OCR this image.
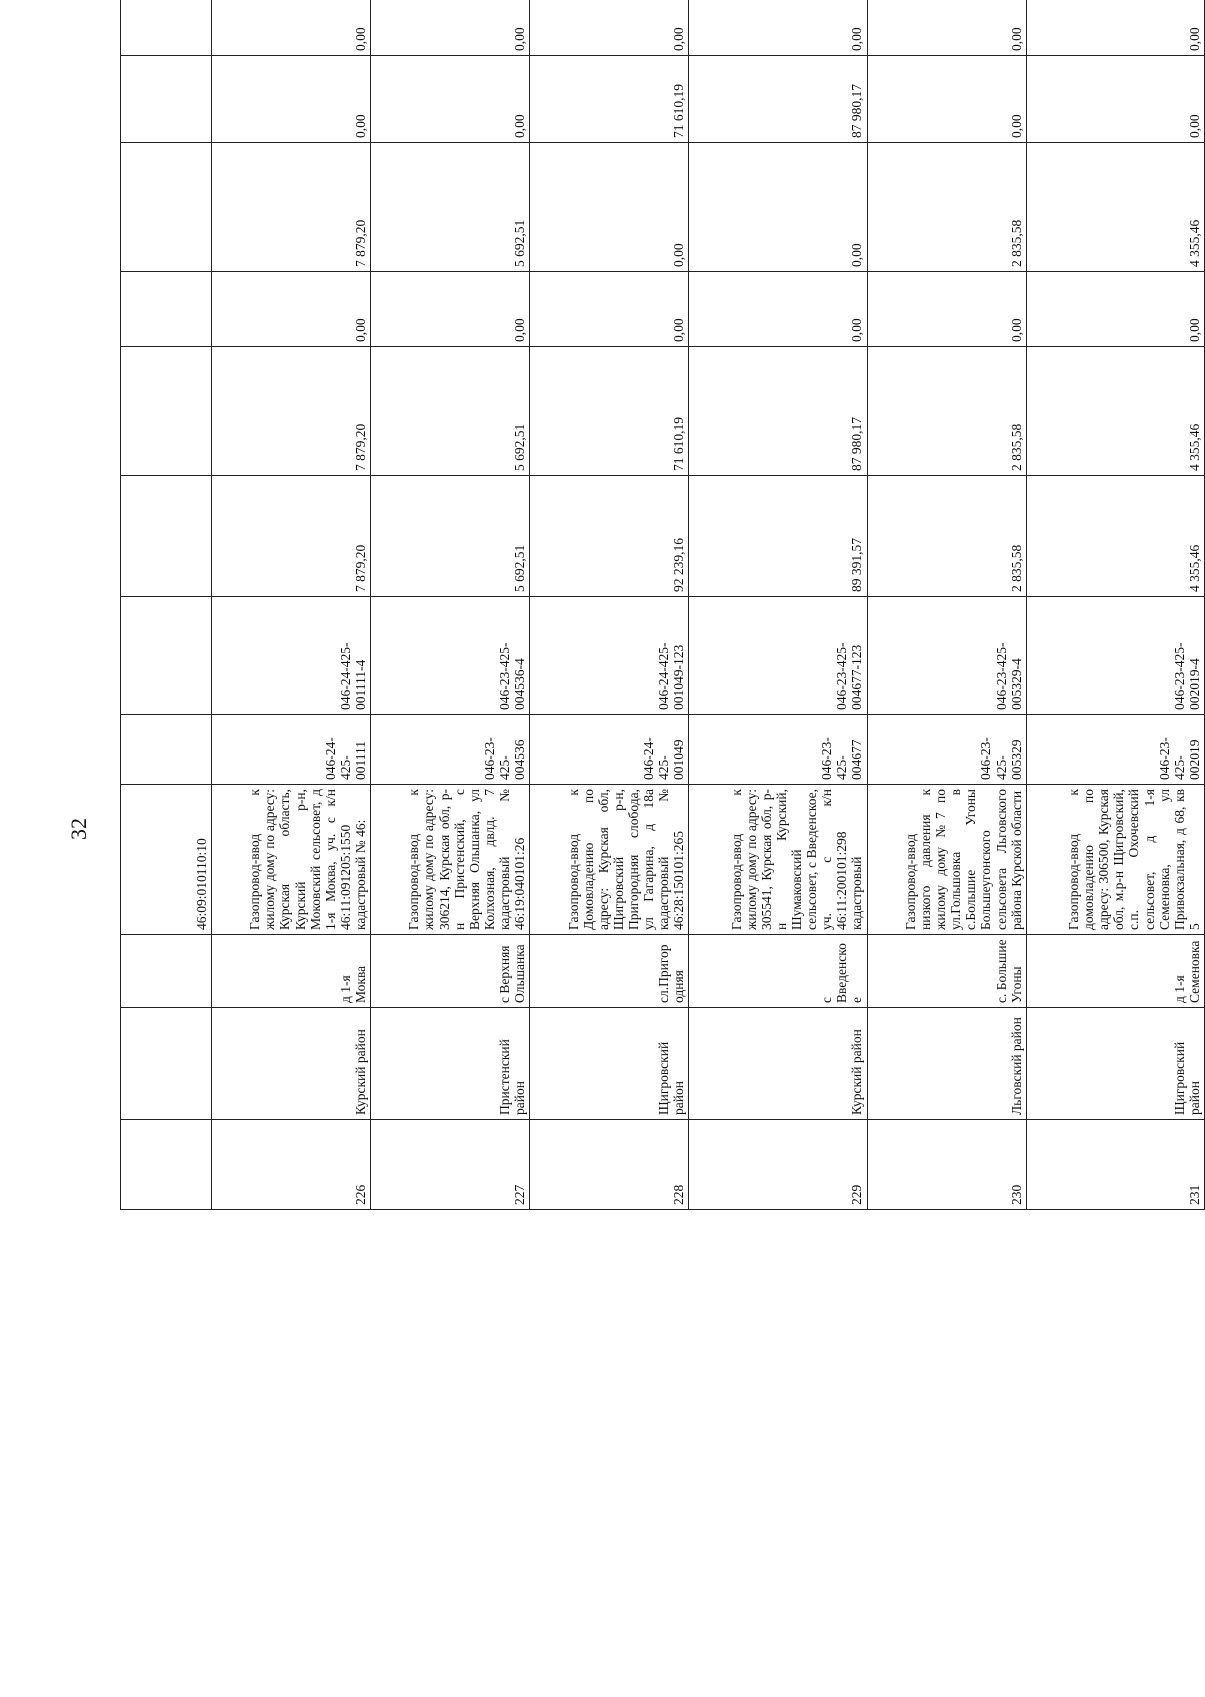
32
			46:09:010110:10								
226	Курский район	д 1-я Моква	Газопровод-ввод к жилому дому по адресу: Курская область, Курский р-н, Моковский сельсовет, д 1-я Моква, уч. с к/н 46:11:091205:1550 кадастровый № 46:	046-24-425-001111	046-24-425-001111-4	7 879,20	7 879,20	0,00	7 879,20	0,00	0,00
227	Пристенский район	с Верхняя Ольшанка	Газопровод-ввод к жилому дому по адресу: 306214, Курская обл, р-н Пристенский, с Верхняя Ольшанка, ул Колхозная, двлд. 7 кадастровый № 46:19:040101:26	046-23-425-004536	046-23-425-004536-4	5 692,51	5 692,51	0,00	5 692,51	0,00	0,00
228	Щигровский район	сл.Пригородняя	Газопровод-ввод к Домовладению по адресу: Курская обл, Щигровский р-н, Пригородняя слобода, ул Гагарина, д 18а кадастровый № 46:28:150101:265	046-24-425-001049	046-24-425-001049-123	92 239,16	71 610,19	0,00	0,00	71 610,19	0,00
229	Курский район	с Введенское	Газопровод-ввод к жилому дому по адресу: 305541, Курская обл, р-н Курский, Шумаковский сельсовет, с Введенское, уч. с к/н 46:11:200101:298 кадастровый	046-23-425-004677	046-23-425-004677-123	89 391,57	87 980,17	0,00	0,00	87 980,17	0,00
230	Льговский район	с. Большие Угоны	Газопровод-ввод низкого давления к жилому дому №7 по ул.Гольшовка в с.Большие Угоны Большеугонского сельсовета Льговского района Курской области	046-23-425-005329	046-23-425-005329-4	2 835,58	2 835,58	0,00	2 835,58	0,00	0,00
231	Щигровский район	д 1-я Семеновка	Газопровод-ввод к домовладению по адресу: 306500, Курская обл, м.р-н Щигровский, с.п. Охочевский сельсовет, д 1-я Семеновка, ул Привокзальная, д 68, кв 5	046-23-425-002019	046-23-425-002019-4	4 355,46	4 355,46	0,00	4 355,46	0,00	0,00
